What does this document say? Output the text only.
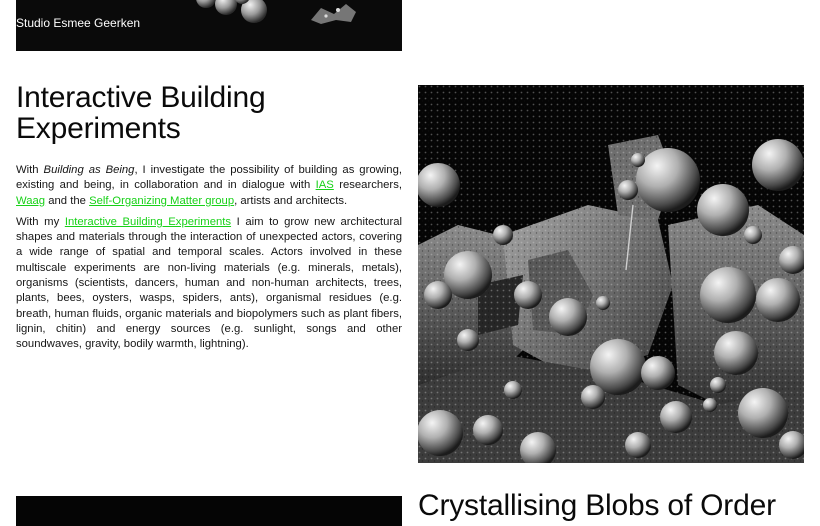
Studio Esmee Geerken
Interactive Building Experiments

With Building as Being, I investigate the possibility of building as growing, existing and being, in collaboration and in dialogue with IAS researchers, Waag and the Self-Organizing Matter group, artists and architects.

With my Interactive Building Experiments I aim to grow new architectural shapes and materials through the interaction of unexpected actors, covering a wide range of spatial and temporal scales. Actors involved in these multiscale experiments are non-living materials (e.g. minerals, metals), organisms (scientists, dancers, human and non-human architects, trees, plants, bees, oysters, wasps, spiders, ants), organismal residues (e.g. breath, human fluids, organic materials and biopolymers such as plant fibers, lignin, chitin) and energy sources (e.g. sunlight, songs and other soundwaves, gravity, bodily warmth, lightning).

Crystallising Blobs of Order
